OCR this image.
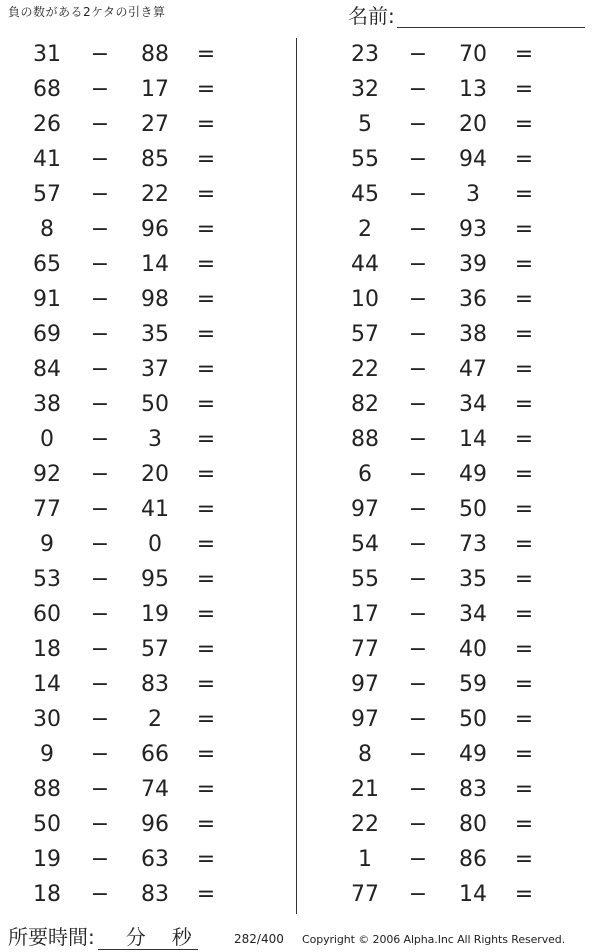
負の数がある2ケタの引き算	名前:
31	−	88	=
68	−	17	=
26	−	27	=
41	−	85	=
57	−	22	=
8	−	96	=
65	−	14	=
91	−	98	=
69	−	35	=
84	−	37	=
38	−	50	=
0	−	3	=
92	−	20	=
77	−	41	=
9	−	0	=
53	−	95	=
60	−	19	=
18	−	57	=
14	−	83	=
30	−	2	=
9	−	66	=
88	−	74	=
50	−	96	=
19	−	63	=
18	−	83	=
23	−	70	=
32	−	13	=
5	−	20	=
55	−	94	=
45	−	3	=
2	−	93	=
44	−	39	=
10	−	36	=
57	−	38	=
22	−	47	=
82	−	34	=
88	−	14	=
6	−	49	=
97	−	50	=
54	−	73	=
55	−	35	=
17	−	34	=
77	−	40	=
97	−	59	=
97	−	50	=
8	−	49	=
21	−	83	=
22	−	80	=
1	−	86	=
77	−	14	=
所要時間: 分 秒	282/400 Copyright © 2006 Alpha.Inc All Rights Reserved.
